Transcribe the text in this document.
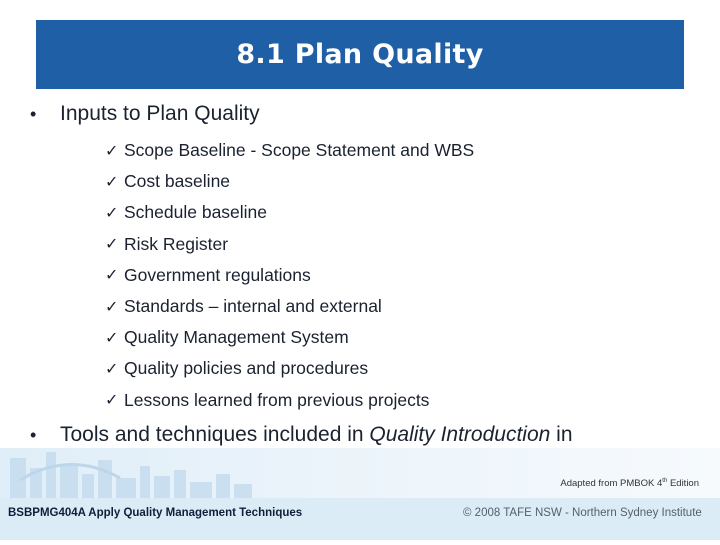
8.1 Plan Quality
•	Inputs to Plan Quality
✓ Scope Baseline - Scope Statement and WBS
✓ Cost baseline
✓ Schedule baseline
✓ Risk Register
✓ Government regulations
✓ Standards – internal and external
✓ Quality Management System
✓ Quality policies and procedures
✓ Lessons learned from previous projects
•	Tools and techniques included in Quality Introduction in

Adapted from PMBOK 4th Edition
BSBPMG404A Apply Quality Management Techniques	© 2008 TAFE NSW - Northern Sydney Institute
